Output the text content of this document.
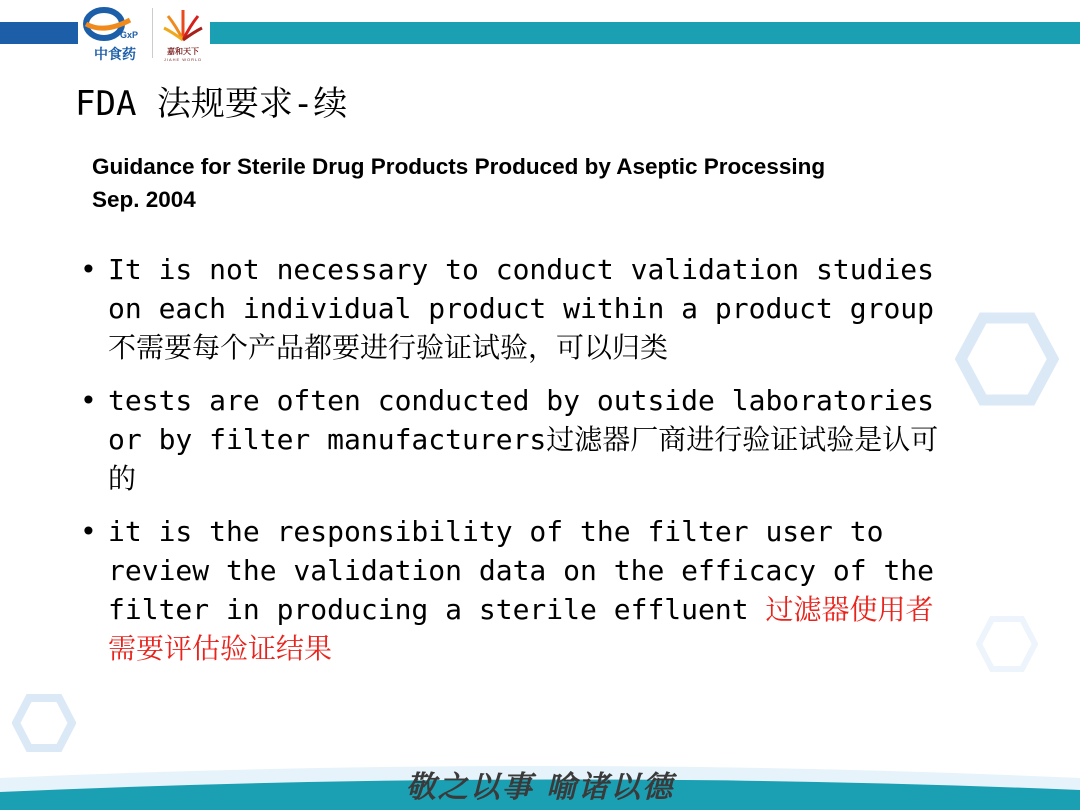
GxP
中食药	嘉和天下
JIAHE WORLD
FDA 法规要求-续
Guidance for Sterile Drug Products Produced by Aseptic Processing Sep. 2004
• It is not necessary to conduct validation studies on each individual product within a product group不需要每个产品都要进行验证试验，可以归类
• tests are often conducted by outside laboratories or by filter manufacturers过滤器厂商进行验证试验是认可的
• it is the responsibility of the filter user to review the validation data on the efficacy of the filter in producing a sterile effluent 过滤器使用者需要评估验证结果
敬之以事 喻诸以德
